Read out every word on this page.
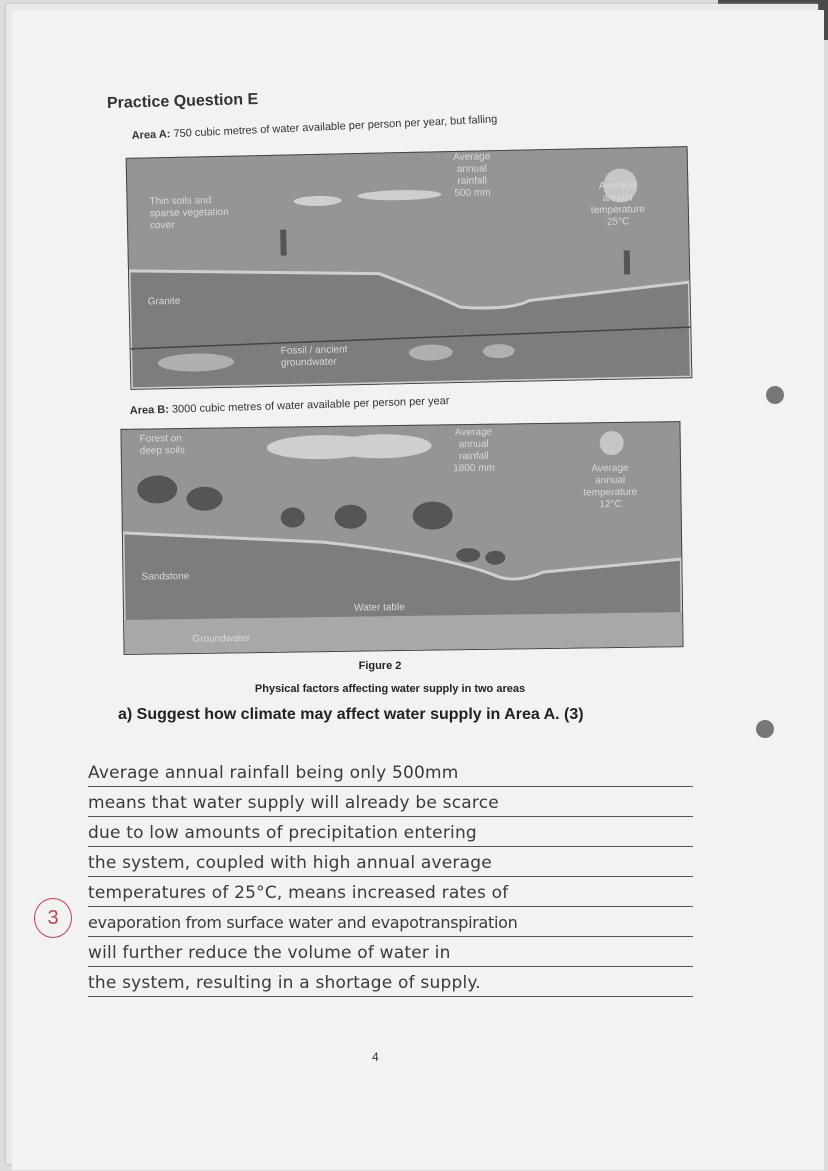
Practice Question E
Area A: 750 cubic metres of water available per person per year, but falling
Average
annual
rainfall
500 mm
Average
annual
temperature
25°C
Thin soils and
sparse vegetation
cover
Granite
Fossil / ancient
groundwater
Area B: 3000 cubic metres of water available per person per year
Forest on
deep soils
Average
annual
rainfall
1800 mm	Average
annual
temperature
12°C
Sandstone
Water table
Groundwater
Figure 2
Physical factors affecting water supply in two areas
a) Suggest how climate may affect water supply in Area A. (3)
Average annual rainfall being only 500mm
means that water supply will already be scarce
due to low amounts of precipitation entering
the system, coupled with high annual average
temperatures of 25°C, means increased rates of
evaporation from surface water and evapotranspiration
will further reduce the volume of water in
the system, resulting in a shortage of supply.
3
4
